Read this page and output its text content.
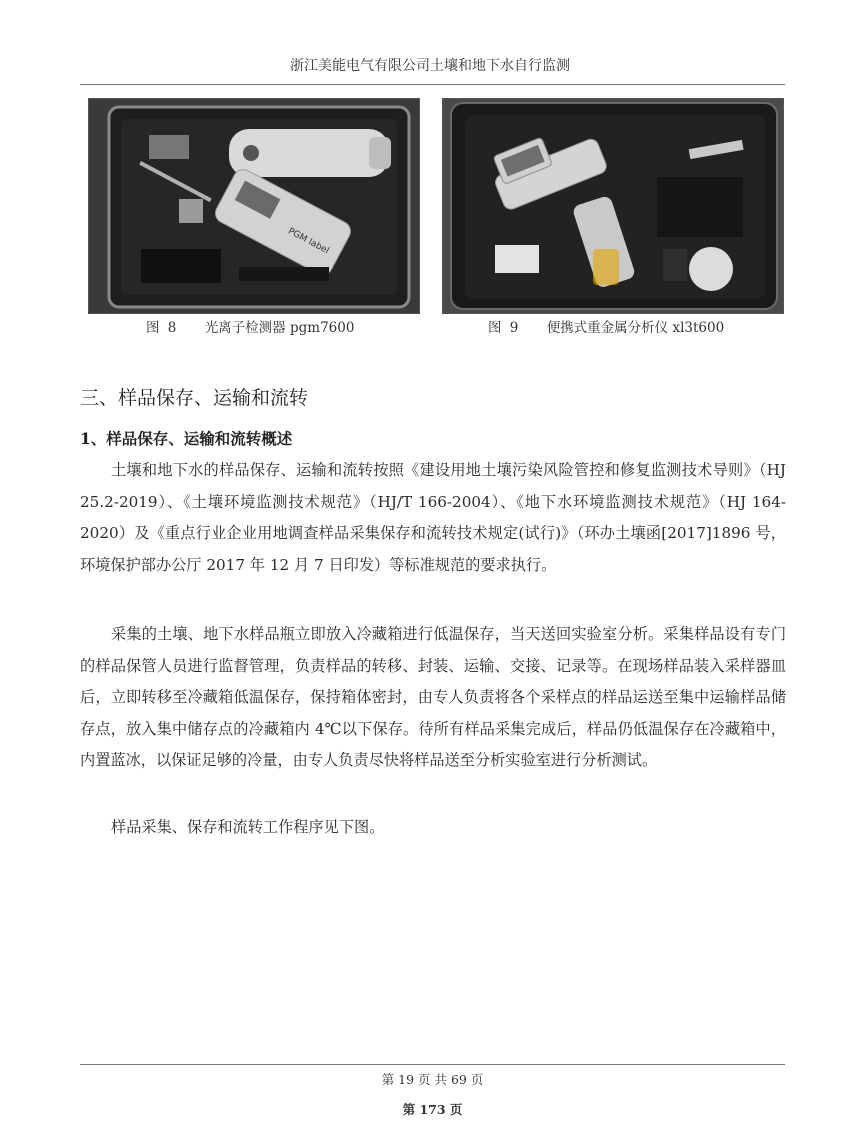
浙江美能电气有限公司土壤和地下水自行监测
PGM label
图 8 光离子检测器 pgm7600	图 9 便携式重金属分析仪 xl3t600
三、样品保存、运输和流转
1、样品保存、运输和流转概述

土壤和地下水的样品保存、运输和流转按照《建设用地土壤污染风险管控和修复监测技术导则》（HJ 25.2-2019）、《土壤环境监测技术规范》（HJ/T 166-2004）、《地下水环境监测技术规范》（HJ 164-2020）及《重点行业企业用地调查样品采集保存和流转技术规定(试行)》（环办土壤函[2017]1896 号，环境保护部办公厅 2017 年 12 月 7 日印发）等标准规范的要求执行。

采集的土壤、地下水样品瓶立即放入冷藏箱进行低温保存，当天送回实验室分析。采集样品设有专门的样品保管人员进行监督管理，负责样品的转移、封装、运输、交接、记录等。在现场样品装入采样器皿后，立即转移至冷藏箱低温保存，保持箱体密封，由专人负责将各个采样点的样品运送至集中运输样品储存点，放入集中储存点的冷藏箱内 4℃以下保存。待所有样品采集完成后，样品仍低温保存在冷藏箱中，内置蓝冰，以保证足够的冷量，由专人负责尽快将样品送至分析实验室进行分析测试。

样品采集、保存和流转工作程序见下图。

第 19 页 共 69 页
第 173 页
